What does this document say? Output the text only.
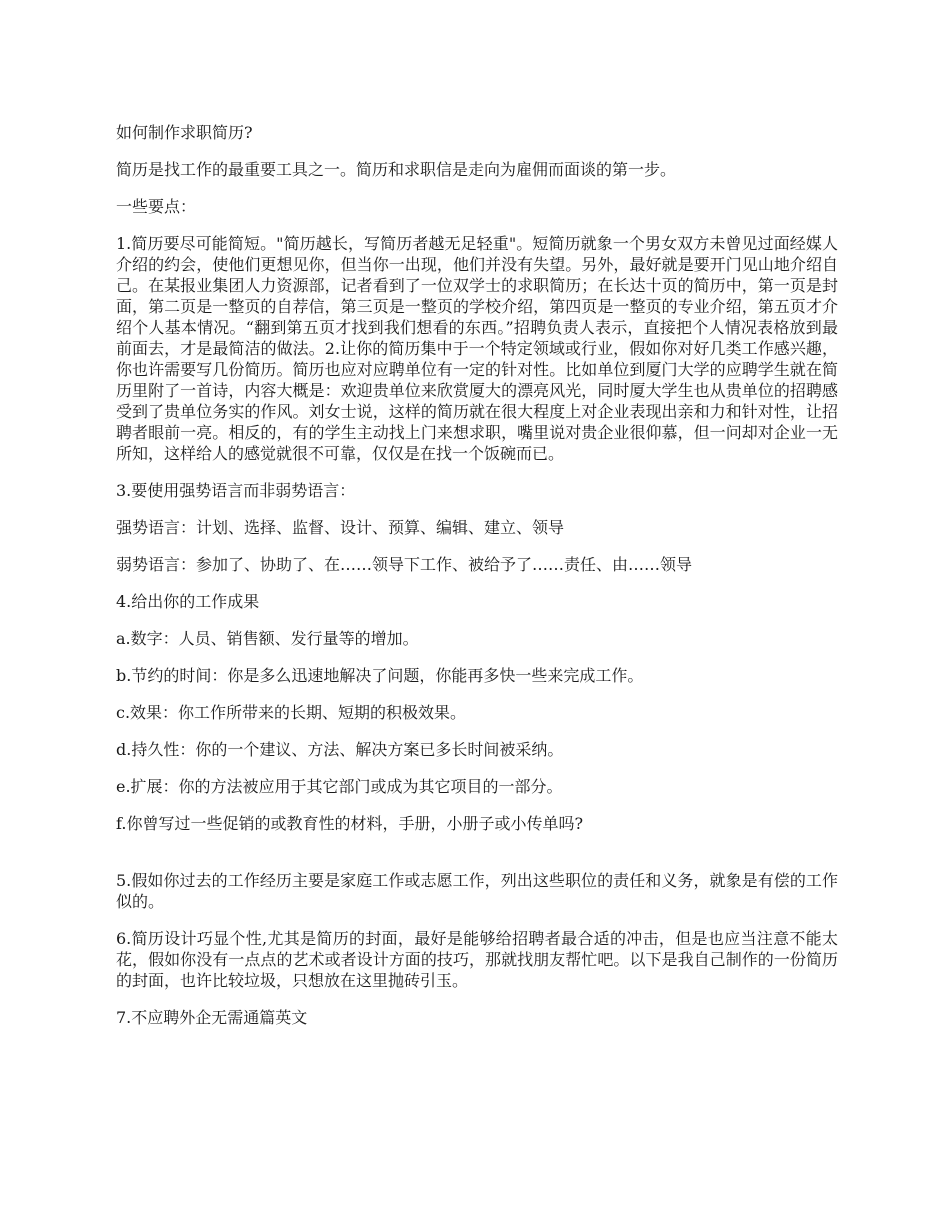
如何制作求职简历?

简历是找工作的最重要工具之一。简历和求职信是走向为雇佣而面谈的第一步。

一些要点：

1.简历要尽可能简短。"简历越长，写简历者越无足轻重"。短简历就象一个男女双方未曾见过面经媒人介绍的约会，使他们更想见你，但当你一出现，他们并没有失望。另外，最好就是要开门见山地介绍自己。在某报业集团人力资源部，记者看到了一位双学士的求职简历；在长达十页的简历中，第一页是封面，第二页是一整页的自荐信，第三页是一整页的学校介绍，第四页是一整页的专业介绍，第五页才介绍个人基本情况。“翻到第五页才找到我们想看的东西。”招聘负责人表示，直接把个人情况表格放到最前面去，才是最简洁的做法。2.让你的简历集中于一个特定领域或行业，假如你对好几类工作感兴趣，你也许需要写几份简历。简历也应对应聘单位有一定的针对性。比如单位到厦门大学的应聘学生就在简历里附了一首诗，内容大概是：欢迎贵单位来欣赏厦大的漂亮风光，同时厦大学生也从贵单位的招聘感受到了贵单位务实的作风。刘女士说，这样的简历就在很大程度上对企业表现出亲和力和针对性，让招聘者眼前一亮。相反的，有的学生主动找上门来想求职，嘴里说对贵企业很仰慕，但一问却对企业一无所知，这样给人的感觉就很不可靠，仅仅是在找一个饭碗而已。

3.要使用强势语言而非弱势语言：

强势语言：计划、选择、监督、设计、预算、编辑、建立、领导

弱势语言：参加了、协助了、在……领导下工作、被给予了……责任、由……领导

4.给出你的工作成果

a.数字：人员、销售额、发行量等的增加。

b.节约的时间：你是多么迅速地解决了问题，你能再多快一些来完成工作。

c.效果：你工作所带来的长期、短期的积极效果。

d.持久性：你的一个建议、方法、解决方案已多长时间被采纳。

e.扩展：你的方法被应用于其它部门或成为其它项目的一部分。

f.你曾写过一些促销的或教育性的材料，手册，小册子或小传单吗?

5.假如你过去的工作经历主要是家庭工作或志愿工作，列出这些职位的责任和义务，就象是有偿的工作似的。

6.简历设计巧显个性,尤其是简历的封面，最好是能够给招聘者最合适的冲击，但是也应当注意不能太花，假如你没有一点点的艺术或者设计方面的技巧，那就找朋友帮忙吧。以下是我自己制作的一份简历的封面，也许比较垃圾，只想放在这里抛砖引玉。

7.不应聘外企无需通篇英文
